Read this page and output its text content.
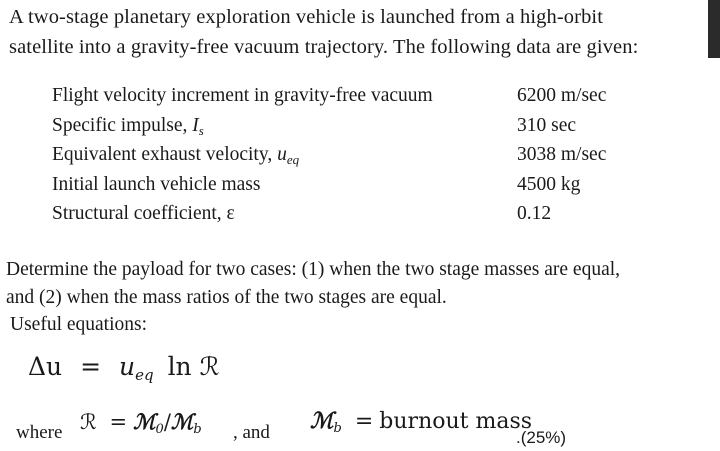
A two-stage planetary exploration vehicle is launched from a high-orbit

satellite into a gravity-free vacuum trajectory. The following data are given:

Flight velocity increment in gravity-free vacuum	6200 m/sec
Specific impulse, $I_s$	310 sec
Equivalent exhaust velocity, $u_{eq}$	3038 m/sec
Initial launch vehicle mass	4500 kg
Structural coefficient, ε	0.12

Determine the payload for two cases: (1) when the two stage masses are equal,

and (2) when the mass ratios of the two stages are equal.

Useful equations:
$\Delta u = u_{eq}$ ln ℛ
where ℛ = ℳ0/ℳb , and ℳb = burnout mass
.(25%)
